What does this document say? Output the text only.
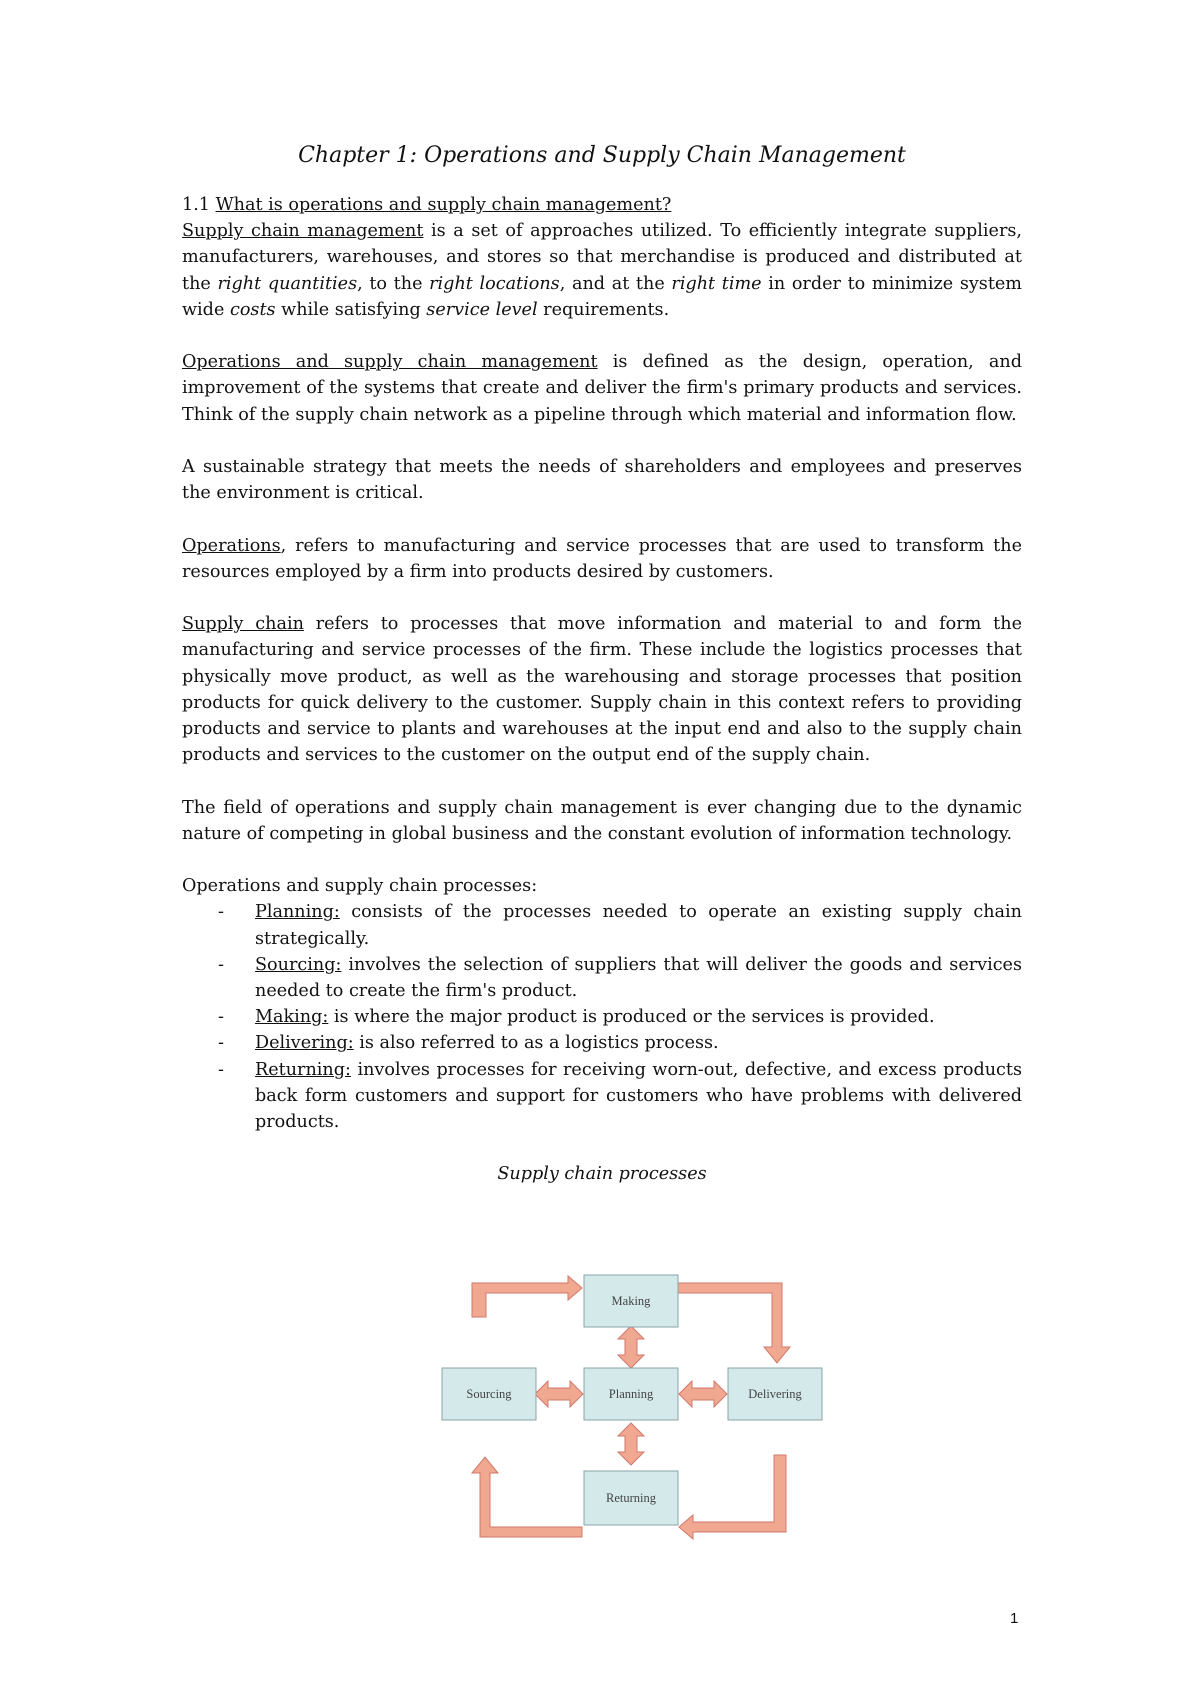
Chapter 1: Operations and Supply Chain Management
1.1 What is operations and supply chain management?

Supply chain management is a set of approaches utilized. To efficiently integrate suppliers, manufacturers, warehouses, and stores so that merchandise is produced and distributed at the right quantities, to the right locations, and at the right time in order to minimize system wide costs while satisfying service level requirements.

Operations and supply chain management is defined as the design, operation, and improvement of the systems that create and deliver the firm's primary products and services. Think of the supply chain network as a pipeline through which material and information flow.

A sustainable strategy that meets the needs of shareholders and employees and preserves the environment is critical.

Operations, refers to manufacturing and service processes that are used to transform the resources employed by a firm into products desired by customers.

Supply chain refers to processes that move information and material to and form the manufacturing and service processes of the firm. These include the logistics processes that physically move product, as well as the warehousing and storage processes that position products for quick delivery to the customer. Supply chain in this context refers to providing products and service to plants and warehouses at the input end and also to the supply chain products and services to the customer on the output end of the supply chain.

The field of operations and supply chain management is ever changing due to the dynamic nature of competing in global business and the constant evolution of information technology.

Operations and supply chain processes:

- Planning: consists of the processes needed to operate an existing supply chain strategically.
- Sourcing: involves the selection of suppliers that will deliver the goods and services needed to create the firm's product.
- Making: is where the major product is produced or the services is provided.
- Delivering: is also referred to as a logistics process.
- Returning: involves processes for receiving worn-out, defective, and excess products back form customers and support for customers who have problems with delivered products.
Supply chain processes
Making
Sourcing	Planning	Delivering
Returning
1
